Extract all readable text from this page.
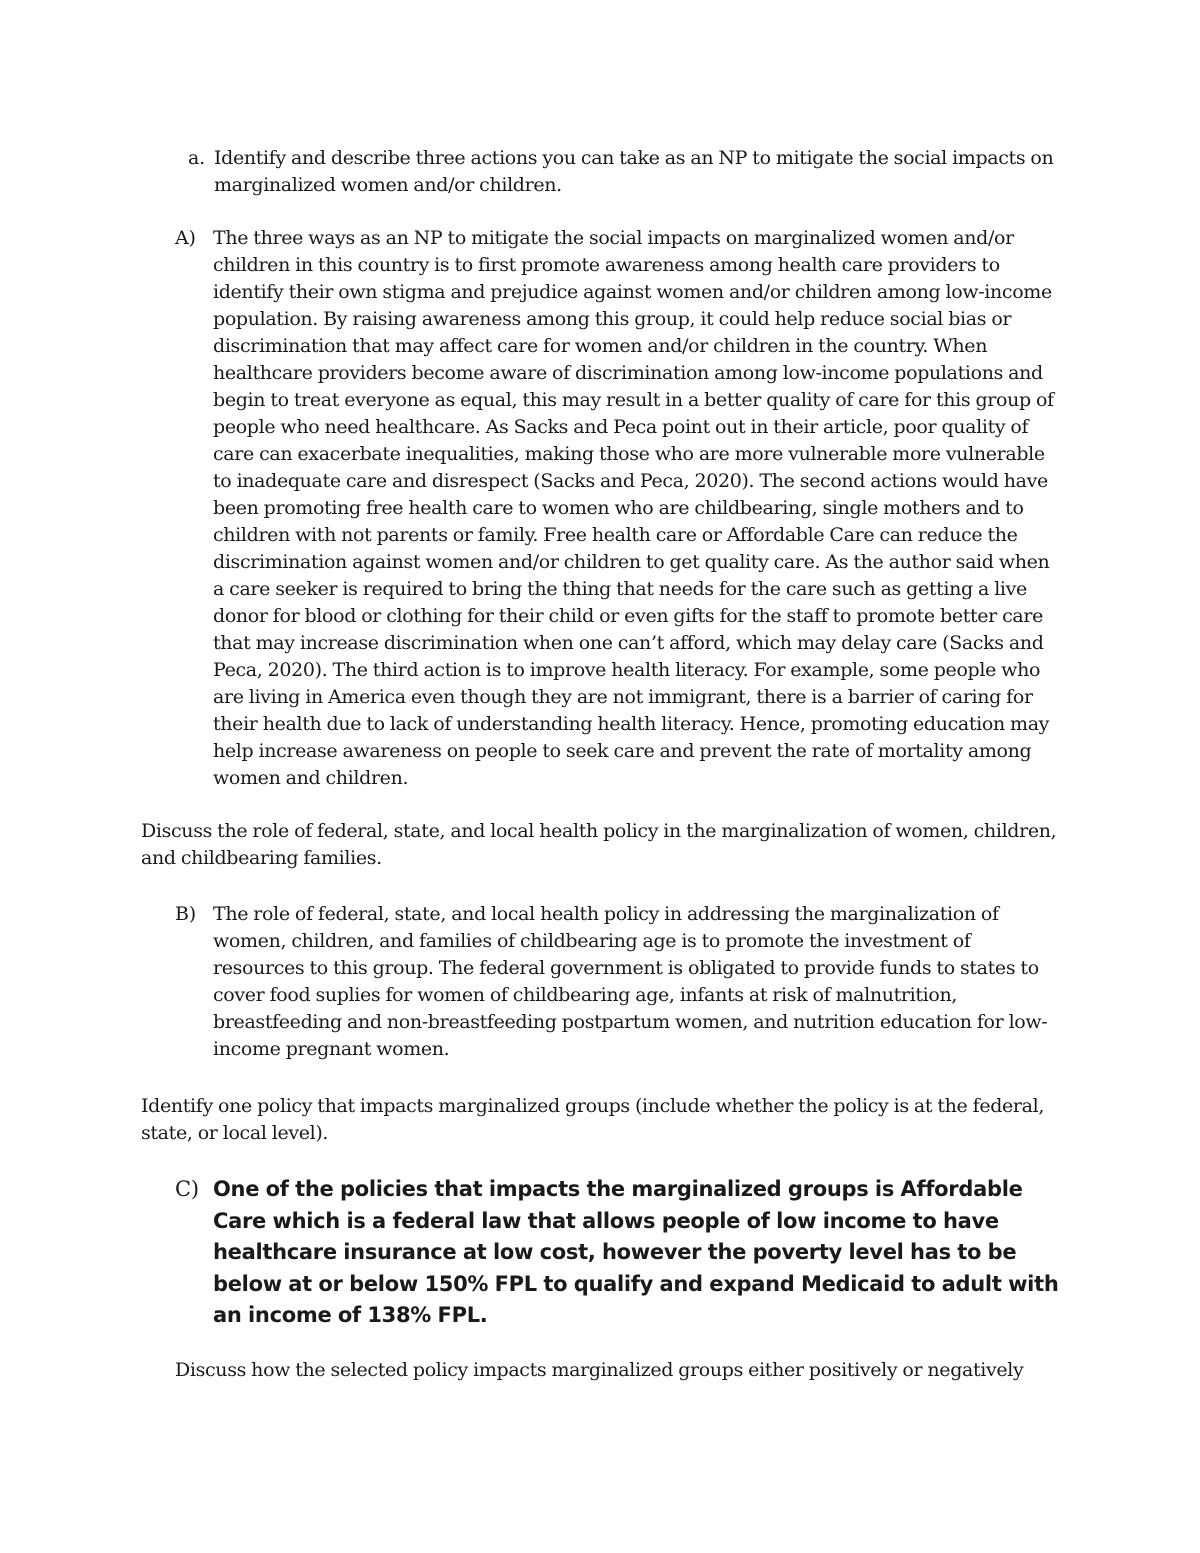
a. Identify and describe three actions you can take as an NP to mitigate the social impacts on marginalized women and/or children.
A) The three ways as an NP to mitigate the social impacts on marginalized women and/or children in this country is to first promote awareness among health care providers to identify their own stigma and prejudice against women and/or children among low-income population. By raising awareness among this group, it could help reduce social bias or discrimination that may affect care for women and/or children in the country. When healthcare providers become aware of discrimination among low-income populations and begin to treat everyone as equal, this may result in a better quality of care for this group of people who need healthcare. As Sacks and Peca point out in their article, poor quality of care can exacerbate inequalities, making those who are more vulnerable more vulnerable to inadequate care and disrespect (Sacks and Peca, 2020). The second actions would have been promoting free health care to women who are childbearing, single mothers and to children with not parents or family. Free health care or Affordable Care can reduce the discrimination against women and/or children to get quality care. As the author said when a care seeker is required to bring the thing that needs for the care such as getting a live donor for blood or clothing for their child or even gifts for the staff to promote better care that may increase discrimination when one can’t afford, which may delay care (Sacks and Peca, 2020). The third action is to improve health literacy. For example, some people who are living in America even though they are not immigrant, there is a barrier of caring for their health due to lack of understanding health literacy. Hence, promoting education may help increase awareness on people to seek care and prevent the rate of mortality among women and children.
Discuss the role of federal, state, and local health policy in the marginalization of women, children, and childbearing families.
B) The role of federal, state, and local health policy in addressing the marginalization of women, children, and families of childbearing age is to promote the investment of resources to this group. The federal government is obligated to provide funds to states to cover food suplies for women of childbearing age, infants at risk of malnutrition, breastfeeding and non-breastfeeding postpartum women, and nutrition education for low-income pregnant women.
Identify one policy that impacts marginalized groups (include whether the policy is at the federal, state, or local level).
C) One of the policies that impacts the marginalized groups is Affordable Care which is a federal law that allows people of low income to have healthcare insurance at low cost, however the poverty level has to be below at or below 150% FPL to qualify and expand Medicaid to adult with an income of 138% FPL.
Discuss how the selected policy impacts marginalized groups either positively or negatively
